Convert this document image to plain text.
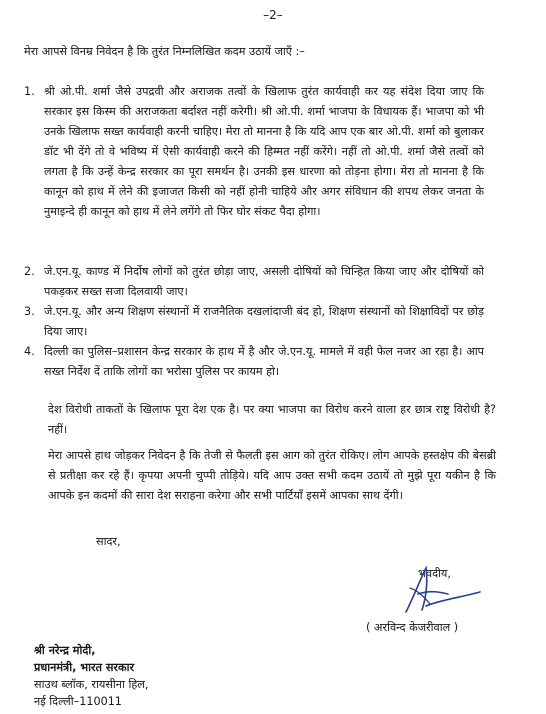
–2–
मेरा आपसे विनम्र निवेदन है कि तुरंत निम्नलिखित कदम उठायें जाएँ :–
1. श्री ओ.पी. शर्मा जैसे उपद्रवी और अराजक तत्वों के खिलाफ तुरंत कार्यवाही कर यह संदेश दिया जाए कि सरकार इस किस्म की अराजकता बर्दाश्त नहीं करेगी। श्री ओ.पी. शर्मा भाजपा के विधायक हैं। भाजपा को भी उनके खिलाफ सख्त कार्यवाही करनी चाहिए। मेरा तो मानना है कि यदि आप एक बार ओ.पी. शर्मा को बुलाकर डॉट भी देंगे तो वे भविष्य में ऐसी कार्यवाही करने की हिम्मत नहीं करेंगे। नहीं तो ओ.पी. शर्मा जैसे तत्वों को लगता है कि उन्हें केन्द्र सरकार का पूरा समर्थन है। उनकी इस धारणा को तोड़ना होगा। मेरा तो मानना है कि कानून को हाथ में लेने की इजाजत किसी को नहीं होनी चाहिये और अगर संविधान की शपथ लेकर जनता के नुमाइन्दे ही कानून को हाथ में लेने लगेंगे तो फिर घोर संकट पैदा होगा।
2. जे.एन.यू. काण्ड में निर्दोष लोगों को तुरंत छोड़ा जाए, असली दोषियों को चिन्हित किया जाए और दोषियों को पकड़कर सख्त सजा दिलवायी जाए।
3. जे.एन.यू. और अन्य शिक्षण संस्थानों में राजनैतिक दखलांदाजी बंद हो, शिक्षण संस्थानों को शिक्षाविदों पर छोड़ दिया जाए।
4. दिल्ली का पुलिस–प्रशासन केन्द्र सरकार के हाथ में है और जे.एन.यू. मामले में वही फेल नजर आ रहा है। आप सख्त निर्देश दें ताकि लोगों का भरोसा पुलिस पर कायम हो।
देश विरोधी ताकतों के खिलाफ पूरा देश एक है। पर क्या भाजपा का विरोध करने वाला हर छात्र राष्ट्र विरोधी है? नहीं।
मेरा आपसे हाथ जोड़कर निवेदन है कि तेजी से फैलती इस आग को तुरंत रोकिए। लोग आपके हस्तक्षेप की बेसब्री से प्रतीक्षा कर रहे हैं। कृपया अपनी चुप्पी तोड़िये। यदि आप उक्त सभी कदम उठायें तो मुझे पूरा यकीन है कि आपके इन कदमों की सारा देश सराहना करेगा और सभी पार्टियाँ इसमें आपका साथ देंगी।
सादर,
भवदीय,
( अरविन्द केजरीवाल )
श्री नरेन्द्र मोदी,
प्रधानमंत्री, भारत सरकार
साउथ ब्लॉक, रायसीना हिल,
नई दिल्ली–110011
